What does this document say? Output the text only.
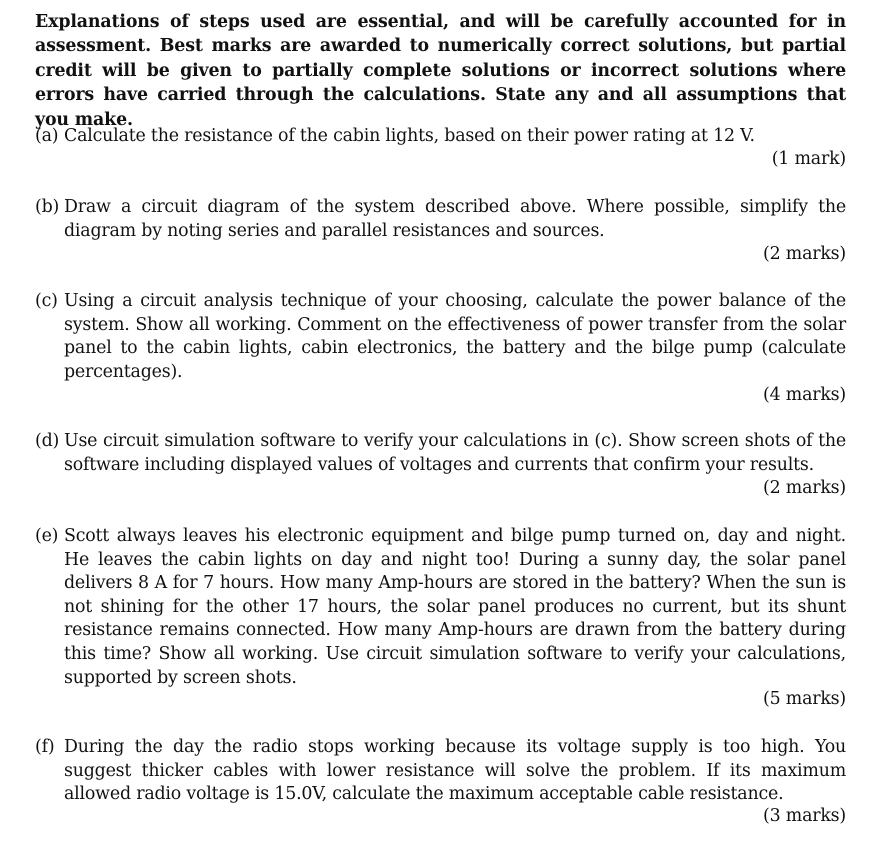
Explanations of steps used are essential, and will be carefully accounted for in assessment. Best marks are awarded to numerically correct solutions, but partial credit will be given to partially complete solutions or incorrect solutions where errors have carried through the calculations. State any and all assumptions that you make.

(a) Calculate the resistance of the cabin lights, based on their power rating at 12 V.
(1 mark)
(b) Draw a circuit diagram of the system described above. Where possible, simplify the diagram by noting series and parallel resistances and sources.
(2 marks)
(c) Using a circuit analysis technique of your choosing, calculate the power balance of the system. Show all working. Comment on the effectiveness of power transfer from the solar panel to the cabin lights, cabin electronics, the battery and the bilge pump (calculate percentages).
(4 marks)
(d) Use circuit simulation software to verify your calculations in (c). Show screen shots of the software including displayed values of voltages and currents that confirm your results.
(2 marks)
(e) Scott always leaves his electronic equipment and bilge pump turned on, day and night. He leaves the cabin lights on day and night too! During a sunny day, the solar panel delivers 8 A for 7 hours. How many Amp-hours are stored in the battery? When the sun is not shining for the other 17 hours, the solar panel produces no current, but its shunt resistance remains connected. How many Amp-hours are drawn from the battery during this time? Show all working. Use circuit simulation software to verify your calculations, supported by screen shots.
(5 marks)
(f) During the day the radio stops working because its voltage supply is too high. You suggest thicker cables with lower resistance will solve the problem. If its maximum allowed radio voltage is 15.0V, calculate the maximum acceptable cable resistance.
(3 marks)
